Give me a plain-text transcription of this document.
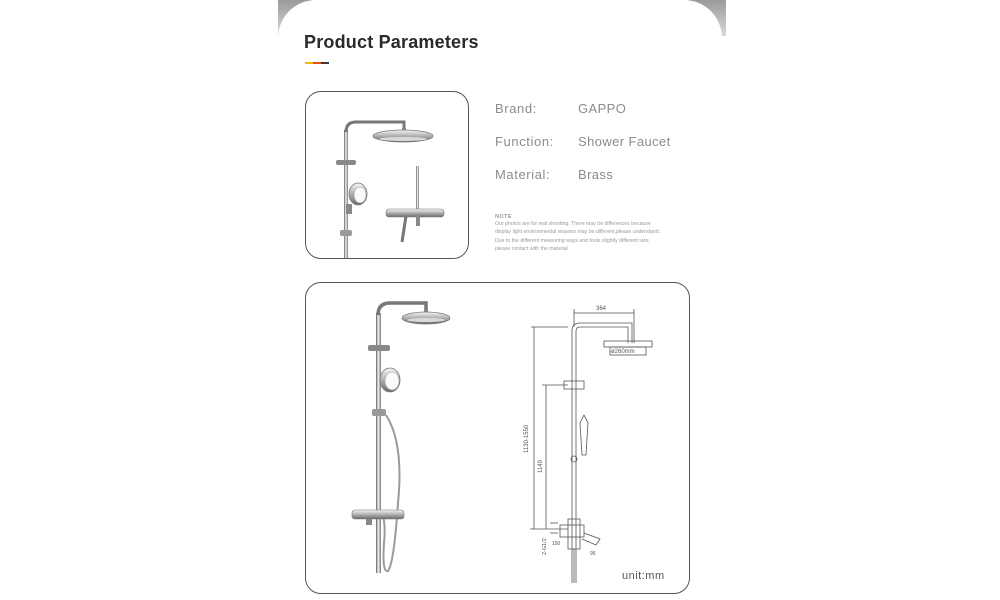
Product Parameters
Brand:	GAPPO
Function:	Shower Faucet
Material:	Brass
NOTE
Our photos are for real shooting. There may be differences because
display light environmental reasons may be different,please understand.
Due to the different measuring ways and tools slightly different size,
please contact with the material
364
ø260mm
1130-1550
1149
2-G1/2 150
95
unit:mm
